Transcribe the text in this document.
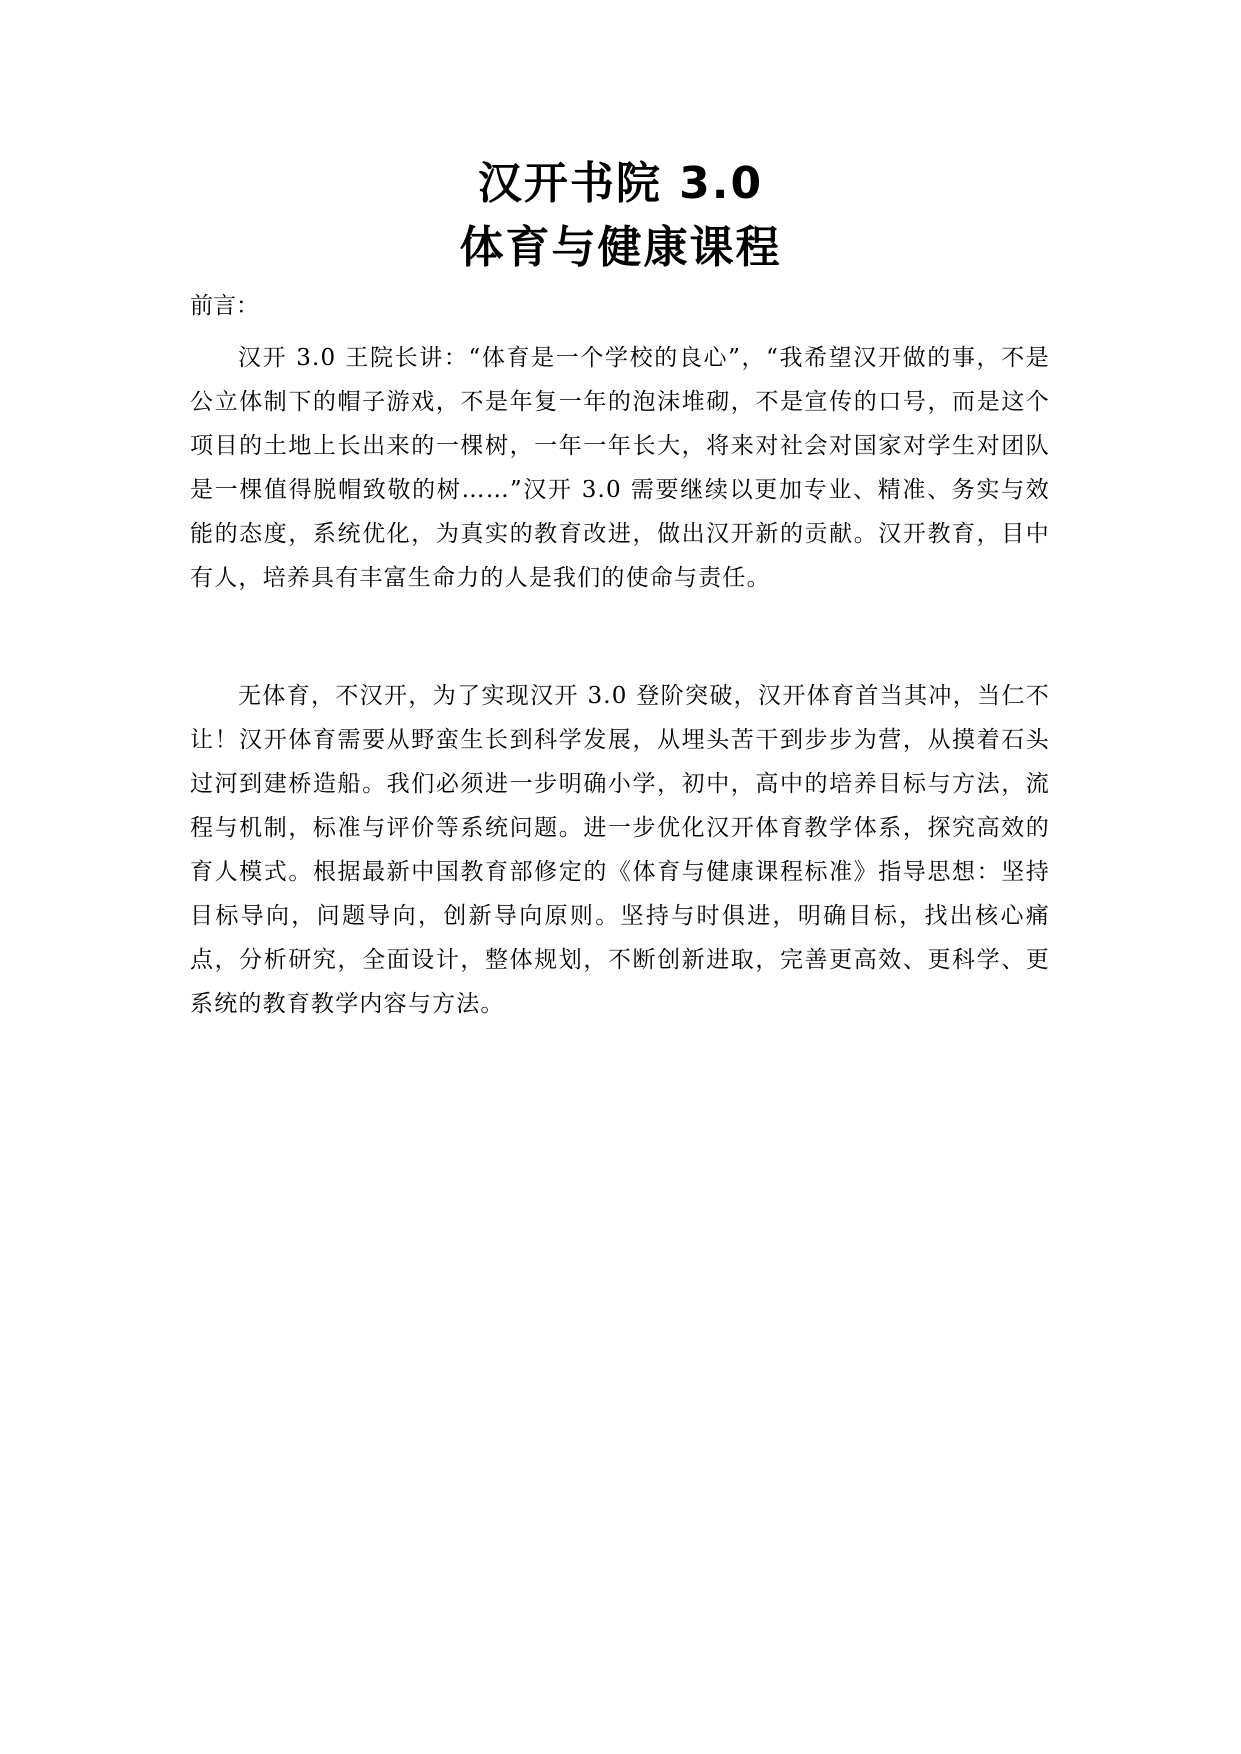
汉开书院 3.0
体育与健康课程

前言：

汉开 3.0 王院长讲：“体育是一个学校的良心”，“我希望汉开做的事，不是公立体制下的帽子游戏，不是年复一年的泡沫堆砌，不是宣传的口号，而是这个项目的土地上长出来的一棵树，一年一年长大，将来对社会对国家对学生对团队是一棵值得脱帽致敬的树……”汉开 3.0 需要继续以更加专业、精准、务实与效能的态度，系统优化，为真实的教育改进，做出汉开新的贡献。汉开教育，目中有人，培养具有丰富生命力的人是我们的使命与责任。

无体育，不汉开，为了实现汉开 3.0 登阶突破，汉开体育首当其冲，当仁不让！汉开体育需要从野蛮生长到科学发展，从埋头苦干到步步为营，从摸着石头过河到建桥造船。我们必须进一步明确小学，初中，高中的培养目标与方法，流程与机制，标准与评价等系统问题。进一步优化汉开体育教学体系，探究高效的育人模式。根据最新中国教育部修定的《体育与健康课程标准》指导思想：坚持目标导向，问题导向，创新导向原则。坚持与时俱进，明确目标，找出核心痛点，分析研究，全面设计，整体规划，不断创新进取，完善更高效、更科学、更系统的教育教学内容与方法。
